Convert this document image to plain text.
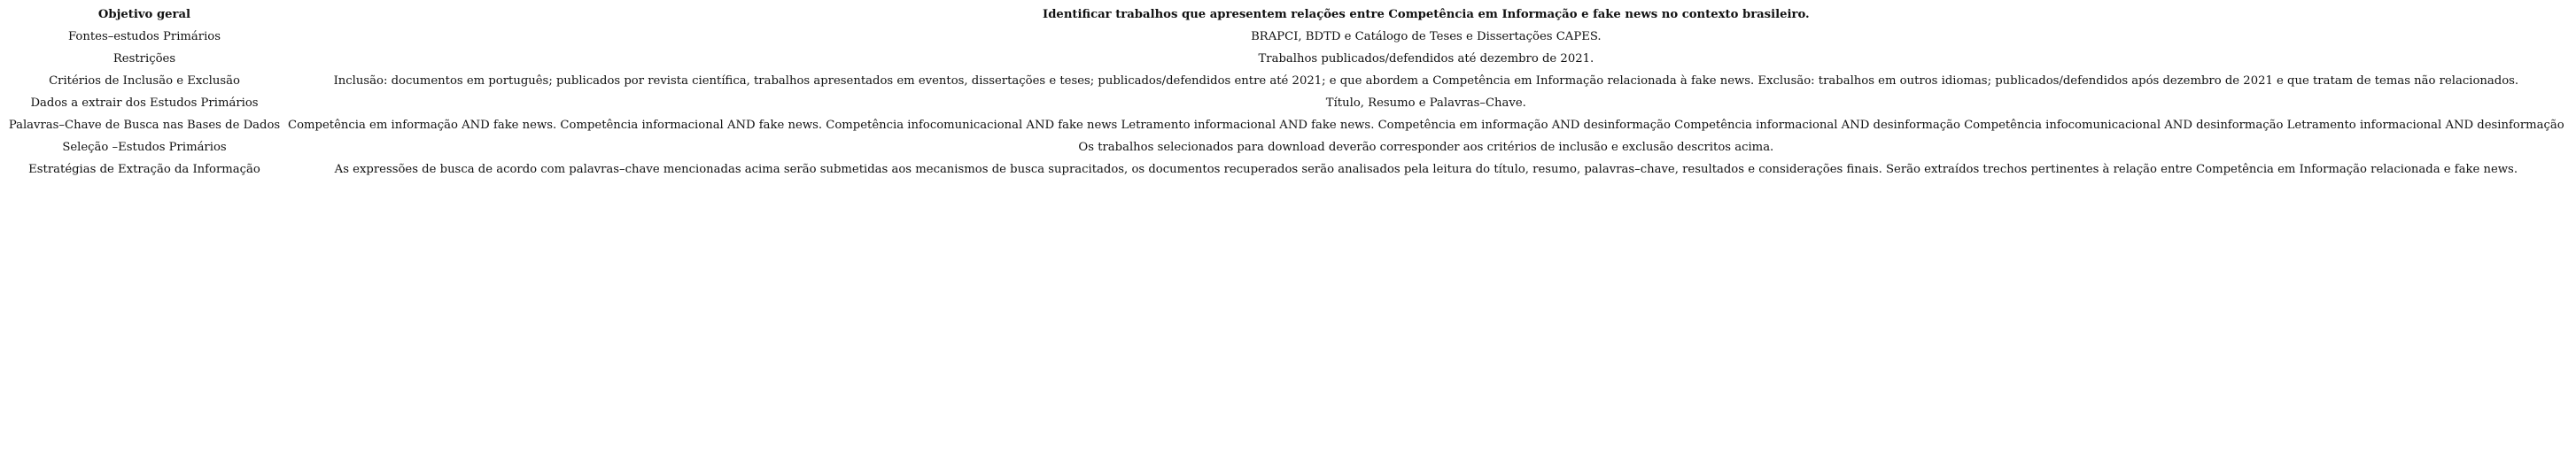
Objetivo geral	Identificar trabalhos que apresentem relações entre Competência em Informação e fake news no contexto brasileiro.
Fontes–estudos Primários	BRAPCI, BDTD e Catálogo de Teses e Dissertações CAPES.
Restrições	Trabalhos publicados/defendidos até dezembro de 2021.
Critérios de Inclusão e Exclusão	Inclusão: documentos em português; publicados por revista científica, trabalhos apresentados em eventos, dissertações e teses; publicados/defendidos entre até 2021; e que abordem a Competência em Informação relacionada à fake news. Exclusão: trabalhos em outros idiomas; publicados/defendidos após dezembro de 2021 e que tratam de temas não relacionados.
Dados a extrair dos Estudos Primários	Título, Resumo e Palavras–Chave.
Palavras–Chave de Busca nas Bases de Dados	Competência em informação AND fake news. Competência informacional AND fake news. Competência infocomunicacional AND fake news Letramento informacional AND fake news. Competência em informação AND desinformação Competência informacional AND desinformação Competência infocomunicacional AND desinformação Letramento informacional AND desinformação
Seleção –Estudos Primários	Os trabalhos selecionados para download deverão corresponder aos critérios de inclusão e exclusão descritos acima.
Estratégias de Extração da Informação	As expressões de busca de acordo com palavras–chave mencionadas acima serão submetidas aos mecanismos de busca supracitados, os documentos recuperados serão analisados pela leitura do título, resumo, palavras–chave, resultados e considerações finais. Serão extraídos trechos pertinentes à relação entre Competência em Informação relacionada e fake news.
